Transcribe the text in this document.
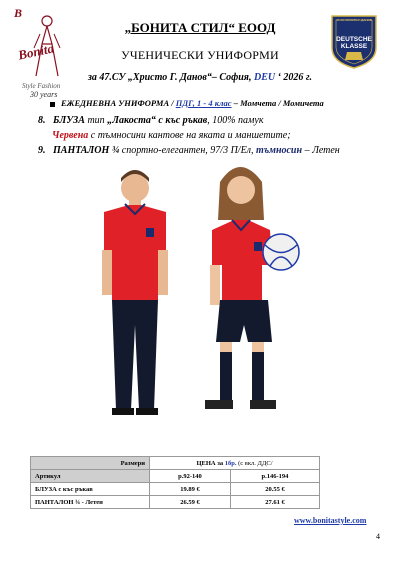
B
Bonita
Style Fashion
30 years
47-СУ ХРИСТО Г. ДАНОВ
DEUTSCHE KLASSE
„БОНИТА СТИЛ“ ЕООД
УЧЕНИЧЕСКИ УНИФОРМИ
за 47.СУ „Христо Г. Данов“– София, DEU ‘ 2026 г.
ЕЖЕДНЕВНА УНИФОРМА / ПДГ, 1 - 4 клас – Момчета / Момичета
8. БЛУЗА тип „Лакоста“ с къс ръкав, 100% памук
Червена с тъмносини кантове на яката и маншетите;
9. ПАНТАЛОН ¾ спортно-елегантен, 97/3 П/Ел, тъмносин – Летен
Размери	ЦЕНА за 1бр. (с вкл. ДДС/	
Артикул	р.92-140	р.146-194
БЛУЗА с къс ръкав	19.89 €	20.55 €
ПАНТАЛОН ¾ - Летен	26.59 €	27.61 €
www.bonitastyle.com
4
